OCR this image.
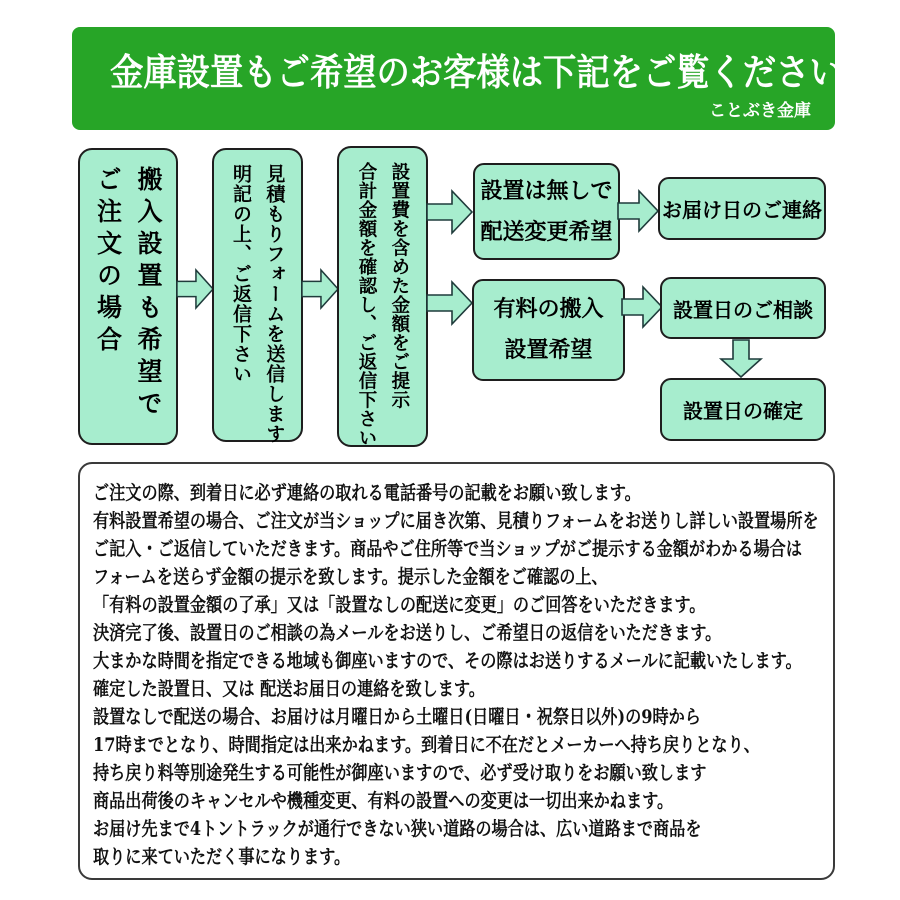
金庫設置もご希望のお客様は下記をご覧ください
ことぶき金庫
搬入設置も希望で
ご注文の場合	見積もりフォームを送信します
明記の上、ご返信下さい	設置費を含めた金額をご提示
合計金額を確認し、ご返信下さい	設置は無しで
配送変更希望
お届け日のご連絡
有料の搬入
設置希望
設置日のご相談
設置日の確定
ご注文の際、到着日に必ず連絡の取れる電話番号の記載をお願い致します。
有料設置希望の場合、ご注文が当ショップに届き次第、見積りフォームをお送りし詳しい設置場所を
ご記入・ご返信していただきます。商品やご住所等で当ショップがご提示する金額がわかる場合は
フォームを送らず金額の提示を致します。提示した金額をご確認の上、
「有料の設置金額の了承」又は「設置なしの配送に変更」のご回答をいただきます。
決済完了後、設置日のご相談の為メールをお送りし、ご希望日の返信をいただきます。
大まかな時間を指定できる地域も御座いますので、その際はお送りするメールに記載いたします。
確定した設置日、又は 配送お届日の連絡を致します。
設置なしで配送の場合、お届けは月曜日から土曜日(日曜日・祝祭日以外)の9時から
17時までとなり、時間指定は出来かねます。到着日に不在だとメーカーへ持ち戻りとなり、
持ち戻り料等別途発生する可能性が御座いますので、必ず受け取りをお願い致します
商品出荷後のキャンセルや機種変更、有料の設置への変更は一切出来かねます。
お届け先まで4トントラックが通行できない狭い道路の場合は、広い道路まで商品を
取りに来ていただく事になります。
